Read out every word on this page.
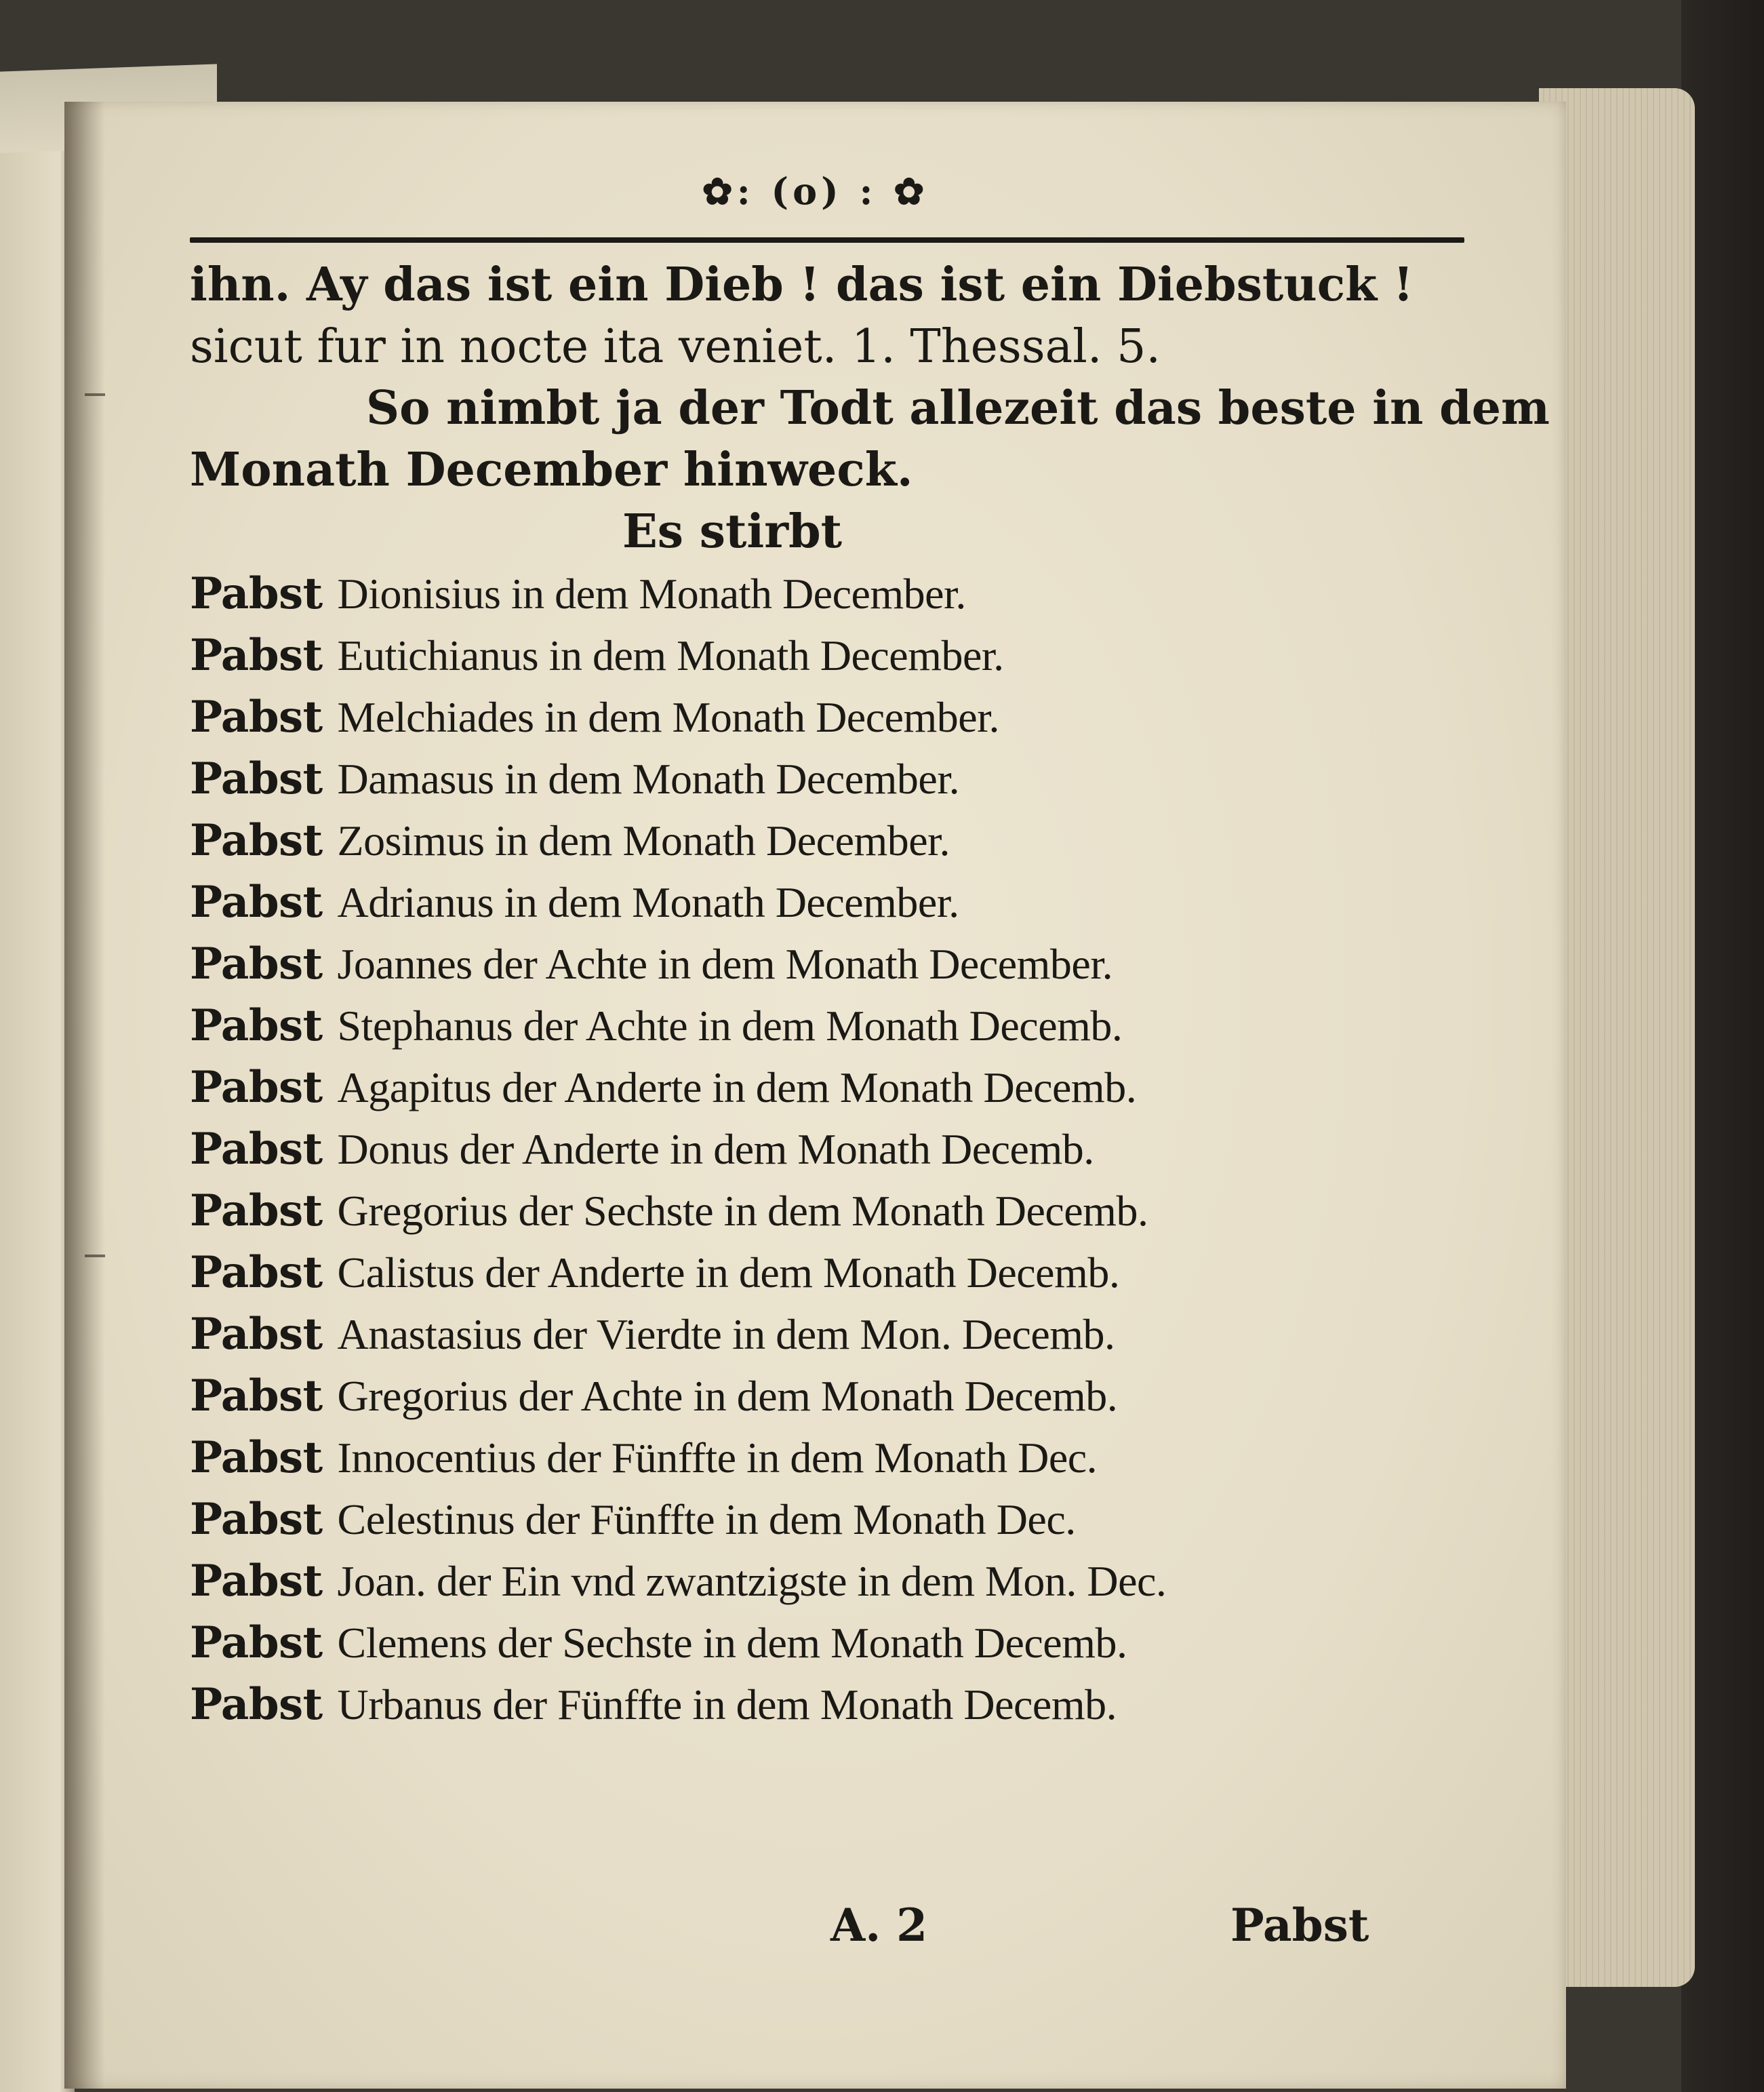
✿: (o) : ✿
ihn. Ay das ist ein Dieb ! das ist ein Diebstuck !
sicut fur in nocte ita veniet. 1. Thessal. 5.
So nimbt ja der Todt allezeit das beste in dem
Monath December hinweck.
Es stirbt
Pabst Dionisius in dem Monath December.
Pabst Eutichianus in dem Monath December.
Pabst Melchiades in dem Monath December.
Pabst Damasus in dem Monath December.
Pabst Zosimus in dem Monath December.
Pabst Adrianus in dem Monath December.
Pabst Joannes der Achte in dem Monath December.
Pabst Stephanus der Achte in dem Monath Decemb.
Pabst Agapitus der Anderte in dem Monath Decemb.
Pabst Donus der Anderte in dem Monath Decemb.
Pabst Gregorius der Sechste in dem Monath Decemb.
Pabst Calistus der Anderte in dem Monath Decemb.
Pabst Anastasius der Vierdte in dem Mon. Decemb.
Pabst Gregorius der Achte in dem Monath Decemb.
Pabst Innocentius der Fünffte in dem Monath Dec.
Pabst Celestinus der Fünffte in dem Monath Dec.
Pabst Joan. der Ein vnd zwantzigste in dem Mon. Dec.
Pabst Clemens der Sechste in dem Monath Decemb.
Pabst Urbanus der Fünffte in dem Monath Decemb.
A. 2	Pabst
